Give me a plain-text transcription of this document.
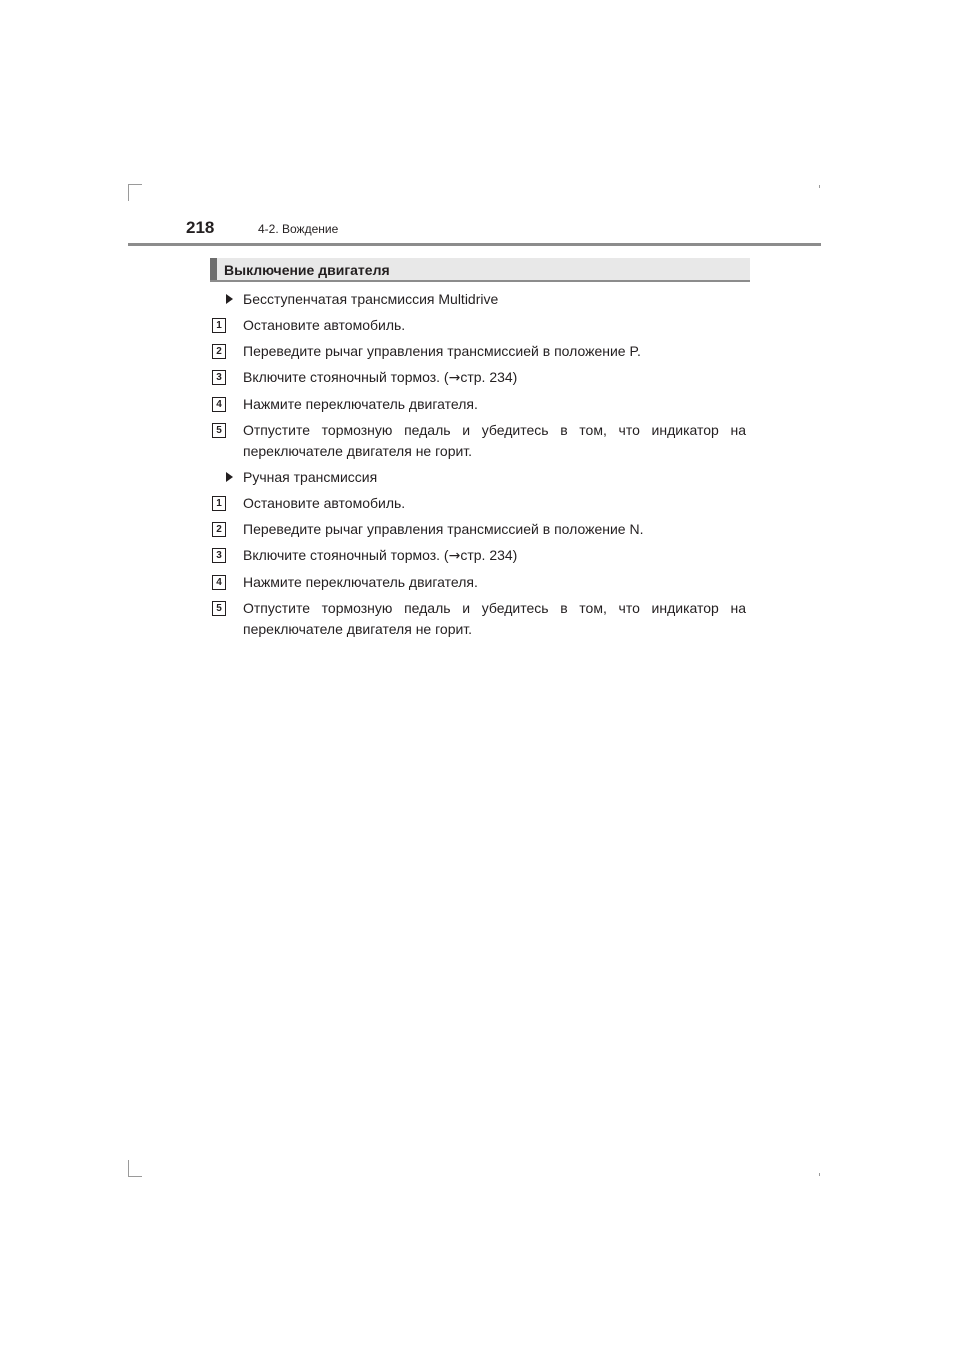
218	4-2. Вождение
Выключение двигателя
Бесступенчатая трансмиссия Multidrive
1	Остановите автомобиль.
2	Переведите рычаг управления трансмиссией в положение P.
3	Включите стояночный тормоз. (→стр. 234)
4	Нажмите переключатель двигателя.
5	Отпустите тормозную педаль и убедитесь в том, что индикатор на переключателе двигателя не горит.
Ручная трансмиссия
1	Остановите автомобиль.
2	Переведите рычаг управления трансмиссией в положение N.
3	Включите стояночный тормоз. (→стр. 234)
4	Нажмите переключатель двигателя.
5	Отпустите тормозную педаль и убедитесь в том, что индикатор на переключателе двигателя не горит.
